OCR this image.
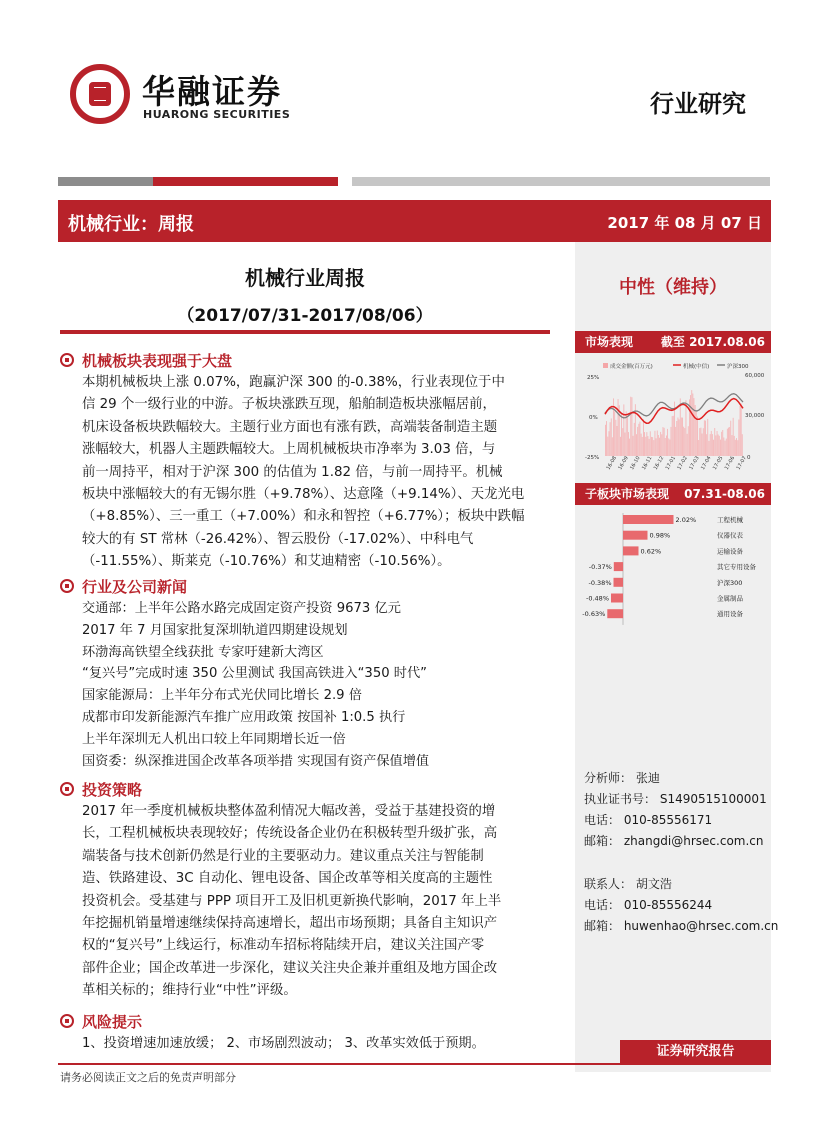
华融证券
HUARONG SECURITIES	行业研究
机械行业：周报	2017 年 08 月 07 日
机械行业周报
（2017/07/31-2017/08/06）
中性（维持）
机械板块表现强于大盘
本期机械板块上涨 0.07%，跑赢沪深 300 的-0.38%，行业表现位于中
信 29 个一级行业的中游。子板块涨跌互现，船舶制造板块涨幅居前，
机床设备板块跌幅较大。主题行业方面也有涨有跌，高端装备制造主题
涨幅较大，机器人主题跌幅较大。上周机械板块市净率为 3.03 倍，与
前一周持平，相对于沪深 300 的估值为 1.82 倍，与前一周持平。机械
板块中涨幅较大的有无锡尔胜（+9.78%）、达意隆（+9.14%）、天龙光电
（+8.85%）、三一重工（+7.00%）和永和智控（+6.77%）；板块中跌幅
较大的有 ST 常林（-26.42%）、智云股份（-17.02%）、中科电气
（-11.55%）、斯莱克（-10.76%）和艾迪精密（-10.56%）。
行业及公司新闻
交通部：上半年公路水路完成固定资产投资 9673 亿元
2017 年 7 月国家批复深圳轨道四期建设规划
环渤海高铁望全线获批 专家吁建新大湾区
“复兴号”完成时速 350 公里测试 我国高铁进入“350 时代”
国家能源局：上半年分布式光伏同比增长 2.9 倍
成都市印发新能源汽车推广应用政策 按国补 1:0.5 执行
上半年深圳无人机出口较上年同期增长近一倍
国资委：纵深推进国企改革各项举措 实现国有资产保值增值
投资策略
2017 年一季度机械板块整体盈利情况大幅改善，受益于基建投资的增
长，工程机械板块表现较好；传统设备企业仍在积极转型升级扩张，高
端装备与技术创新仍然是行业的主要驱动力。建议重点关注与智能制
造、铁路建设、3C 自动化、锂电设备、国企改革等相关度高的主题性
投资机会。受基建与 PPP 项目开工及旧机更新换代影响，2017 年上半
年挖掘机销量增速继续保持高速增长，超出市场预期；具备自主知识产
权的“复兴号”上线运行，标准动车招标将陆续开启，建议关注国产零
部件企业；国企改革进一步深化，建议关注央企兼并重组及地方国企改
革相关标的；维持行业“中性”评级。
风险提示
1、投资增速加速放缓； 2、市场剧烈波动； 3、改革实效低于预期。
市场表现 截至 2017.08.06
成交金额(百万元)	机械(中信)	沪深300
25%
0%
-25%
60,000
30,000
0
16-08 16-09 16-10 16-11 16-12 17-01 17-02 17-03 17-04 17-05 17-06 17-07
子板块市场表现 07.31-08.06
2.02%	工程机械
0.98%	仪器仪表
0.62%	运输设备
-0.37%	其它专用设备
-0.38%	沪深300
-0.48%	金属制品
-0.63%	通用设备
分析师： 张迪
执业证书号： S1490515100001
电话： 010-85556171
邮箱： zhangdi@hrsec.com.cn
联系人： 胡文浩
电话： 010-85556244
邮箱： huwenhao@hrsec.com.cn
证券研究报告
请务必阅读正文之后的免责声明部分
